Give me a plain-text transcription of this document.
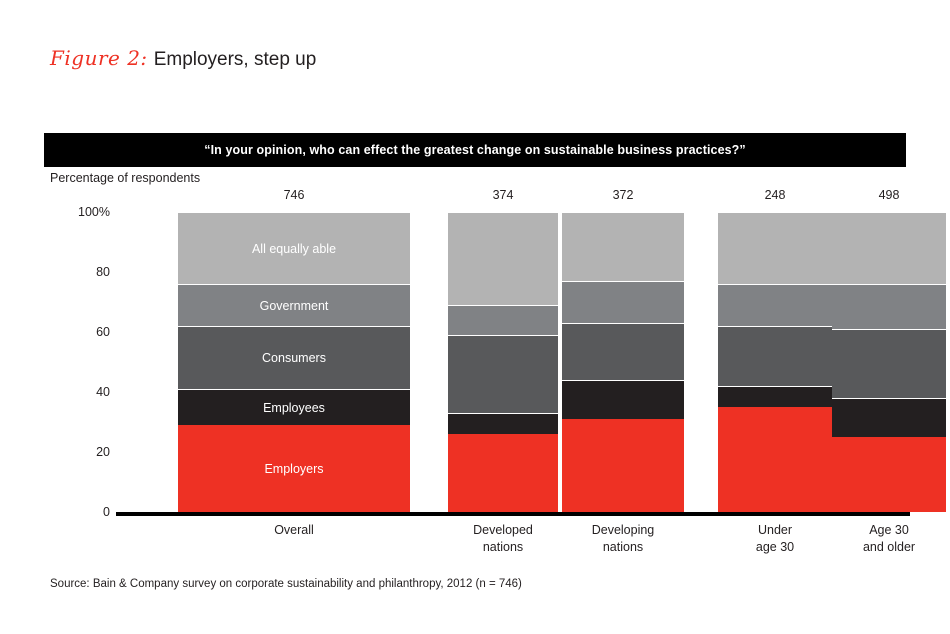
Figure 2: Employers, step up
“In your opinion, who can effect the greatest change on sustainable business practices?”
Percentage of respondents
0
20
40
60
80
100%
746
All equally able
Government
Consumers
Employees
Employers
374	372	248	498
Overall	Developed
nations
Developing
nations
Under
age 30
Age 30
and older
Source: Bain & Company survey on corporate sustainability and philanthropy, 2012 (n = 746)
